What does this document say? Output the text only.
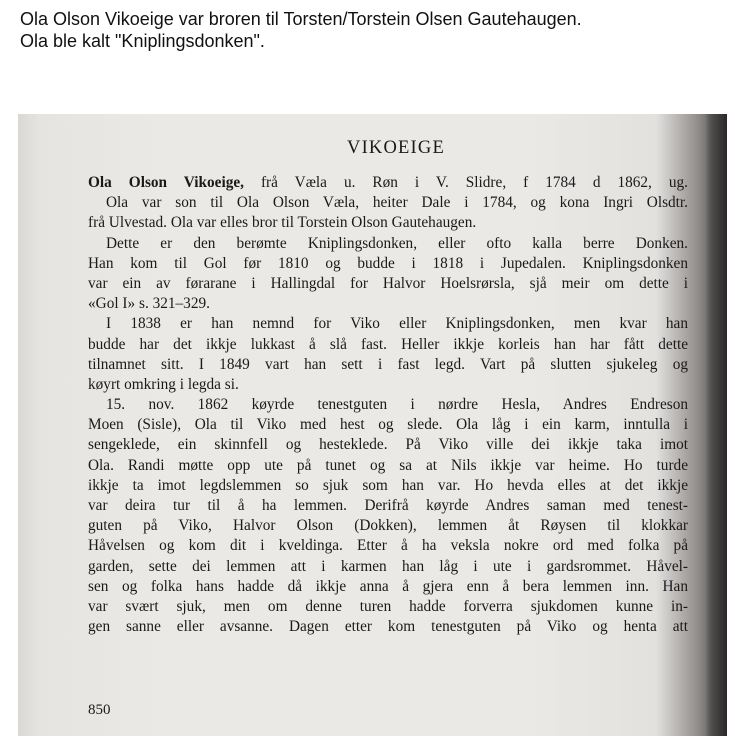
Ola Olson Vikoeige var broren til Torsten/Torstein Olsen Gautehaugen.
Ola ble kalt "Kniplingsdonken".
VIKOEIGE
Ola Olson Vikoeige, frå Væla u. Røn i V. Slidre, f 1784 d 1862, ug.
Ola var son til Ola Olson Væla, heiter Dale i 1784, og kona Ingri Olsdtr.
frå Ulvestad. Ola var elles bror til Torstein Olson Gautehaugen.
Dette er den berømte Kniplingsdonken, eller ofto kalla berre Donken.
Han kom til Gol før 1810 og budde i 1818 i Jupedalen. Kniplingsdonken
var ein av førarane i Hallingdal for Halvor Hoelsrørsla, sjå meir om dette i
«Gol I» s. 321–329.
I 1838 er han nemnd for Viko eller Kniplingsdonken, men kvar han
budde har det ikkje lukkast å slå fast. Heller ikkje korleis han har fått dette
tilnamnet sitt. I 1849 vart han sett i fast legd. Vart på slutten sjukeleg og
køyrt omkring i legda si.
15. nov. 1862 køyrde tenestguten i nørdre Hesla, Andres Endreson
Moen (Sisle), Ola til Viko med hest og slede. Ola låg i ein karm, inntulla i
sengeklede, ein skinnfell og hesteklede. På Viko ville dei ikkje taka imot
Ola. Randi møtte opp ute på tunet og sa at Nils ikkje var heime. Ho turde
ikkje ta imot legdslemmen so sjuk som han var. Ho hevda elles at det ikkje
var deira tur til å ha lemmen. Derifrå køyrde Andres saman med tenest-
guten på Viko, Halvor Olson (Dokken), lemmen åt Røysen til klokkar
Håvelsen og kom dit i kveldinga. Etter å ha veksla nokre ord med folka på
garden, sette dei lemmen att i karmen han låg i ute i gardsrommet. Håvel-
sen og folka hans hadde då ikkje anna å gjera enn å bera lemmen inn. Han
var svært sjuk, men om denne turen hadde forverra sjukdomen kunne in-
gen sanne eller avsanne. Dagen etter kom tenestguten på Viko og henta att
850
